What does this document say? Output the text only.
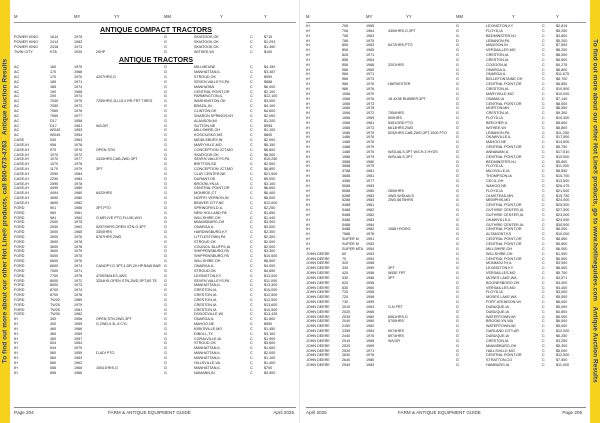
To find out more about our other Hot Line® products, call 800-673-4763   Antique Auction Results
M	MY	YY	MM	Y	Y
ANTIQUE COMPACT TRACTORS
POWER KING	1614	1975	G	SKIATOOK,OK	C	$715
POWER KING	2414	1982	G	SKIATOOK,OK	C	$1,293
POWER KING	2418	1973	G	SKIATOOK,OK	C	$1,450
TWIN CITY	KTA	1925	20HP	G	WITHEE,WI	C	$100
ANTIQUE TRACTORS
AC	160	1970	G	MILLMEUNE	C	$4,150
AC	170	1968	G	MANHATTAN,IL	C	$3,387
AC	170	1970	4207HRS,G	G	STROUD,OK	C	$990
AC	185	1971	G	SEVEN VALLEYS,PA	C	$888
AC	185	1974	G	MANHATAN	C	$6,000
AC	190	1968	G	CENTRAL POINT,OR	C	$2,100
AC	200	1974	G	FARMINGTON,IL	C	$12,100
AC	7040	1975	7250HRS,11L15.4 RR FRT TIRES	G	WASHINGTON,OK	C	$3,000
AC	7050	1973	G	BRAZIL,IN	C	$4,100
AC	7060	1976	G	CLINTON,OK	C	$4,600
AC	7060	1977	G	SHARON SPRINGS,NY	C	$2,900
AC	D17	1958	G	ALANSON,MI	C	$1,200
AC	D17	1961	W/LDR	G	SUTTON,NE	C	$995
AC	WD45	1953	G	MILLSHIRE,OH	C	$1,100
AC	WD45	1954	G	KOSCIUSKO,MS	C	$800
CASE	530	1963	G	MIDDLEBURY,IN	C	$2,000
CASE-IH	956	1978	G	MARYVILLE,MO	C	$6,150
CASE-IH	970	1970	OPEN STN	G	CONCEPTION JCT,MO	C	$6,600
CASE-IH	1070	1972	G	SKIATOOK,OK	C	$8,500
CASE-IH	1070	1977	3433HRS,CAB,2WD,3PT	G	SEVEN VALLEYS,PA	C	$10,250
CASE-IH	1070	1976	G	BRITTON,SD	C	$2,500
CASE-IH	1170	1979	3PT	G	CONCEPTION JCT,MO	C	$6,800
CASE-IH	2090	1984	G	CLAY CENTER,NE	C	$21,500
CASE-IH	2290	1983	G	DURANT,OK	C	$9,000
CASE-IH	2590	1978	G	BROOKLYN,IA	C	$3,100
CASE-IH	4490	1980	G	CENTRAL POINT,OR	C	$6,600
CASE-IH	4494	1980	6422HRS	G	MONROE,CT	C	$6,400
CASE-IH	4690	1980	G	NORTH VERNON,IN	C	$6,000
CASE-IH	4690	1982	G	BEAVER CITY,NE	C	$12,000
FORD	901	1956	3PT,PTO	G	SPRINGFIELD,IL	C	$2,250
FORD	960	1961	G	NEW HOLLAND,PA	C	$1,650
FORD	981	1962	G,MFLIVE PTO,FLUID,W/O	G	WILLSHIRE,OH	C	$1,440
FORD	2000	1975	G	MIAMISBURG,OH	C	$3,900
FORD	2000	1962	5257SHRS,OPEN STN,G,3PT	G	ONARGA,IL	C	$3,000
FORD	3000	1965	3300HRS	G	HARDINSBURG,KY	C	$2,300
FORD	3000	1976	6767HRS,2WD	G	LITTLESTOWN,PA	C	$2,300
FORD	3600	1978	G	STROUD,OK	C	$2,000
FORD	3600	1976	G	COUNCIL BLUFFS,IA	C	$2,000
FORD	3600	1979	G	SHIPPENSBURG,PA	C	$3,300
FORD	5000	1975	G	SHIPPENSBURG,PA	C	$10,500
FORD	6600	1976	G	WILLSHIRE,OH	C	$6,500
FORD	6600	1974	CANOPY,G 3PT,4 DR,20 HP,RAW BAR G	ONARGA,IL	C	$4,000
FORD	7000	1971	G	STROUD,OK	C	$4,650
FORD	7700	1976	4700SMILES,4WS	G	LEXINGTON,KY	C	$13,000
FORD	8000	1972	3254HS,OPEN STN,2WD,3PT,6S TE G	SEVEN VALLEYS,PA	C	$11,000
FORD	8000	1973	G	MANHATTAN,IL	C	$13,300
FORD	8700	1974	G	CRESTON,IA	C	$10,000
FORD	8700	1976	G	CRESTON,IA	C	$12,500
FORD	TW20	1980	G	CRESTON,IA	C	$12,500
FORD	TW25	1979	G	CRESTON,IA	C	$13,600
FORD	TW25	1981	G	CRESTON,IA	C	$10,500
FORD	TW30	1982	G	DODGEVILLE,WI	C	$13,425
IH	300	1956	OPEN STN,2WD,3PT	G	ONARGA,IL	C	$1,800
IH	400	1955	G,2WD,9.3L,6 CYL	G	MAHOO,NE	C	$950
IH	460	1966	G	KIRKSVILLE,MO	C	$1,450
IH	460	1959	G	DIBOLL,TX	C	$3,100
IH	450	1957	G	CORALVILLE,IA	C	$1,900
IH	504	1964	G	STROUD,OK	C	$3,600
IH	544	1970	G	MANHATTAN,IL	C	$1,600
IH	560	1959	D,ADI PTO	G	MANHATTAN,IL	C	$2,000
IH	560	1963	G	MANHATTAN,IL	C	$1,100
IH	560	1962	G	HILLSVILLE,VA	C	$1,400
IH	656	1966	10041HRS,G	G	MANHATTAN,IL	C	$700
IH	656	1966	G	NAMANN,IN	C	$4,500
Page 204	FARM & ANTIQUE EQUIPMENT GUIDE	April 2025
To find out more about our other Hot Line® products, go to www.hotlineguides.com   Antique Auction Results
M	MY	YY	MM	Y	Y
IH	706	1965	G	LEXINGTON,KY	C	$2,819
IH	706	1964	4300HRS,G,3PT	G	FLOYD,IA	C	$5,250
IH	706	1963	G	BEDMINSTER,NJ	C	$3,800
IH	766	1975	D	LEBANON,PA	C	$5,200
IH	806	1963	6472HRS,PTO	G	MADISON,IN	C	$7,500
IH	806	1965	G	VERSAILLES,MO	C	$8,200
IH	826	1971	G	CRESTON,IA	C	$8,000
IH	856	1964	G	CRESTON,IA	C	$6,500
IH	856	1968	3201HRS	G	COGGON,IA	C	$4,275
IH	966	1969	G	ONARGA,IL	C	$6,800
IH	966	1971	G	ONARGA,IL	C	$11,675
IH	966	1973	G	BELLEFONTAINE,OH	C	$8,700
IH	966	1976	HARVESTER	G	CENTRAL POINT,OR	C	$6,850
IH	986	1976	G	CRESTON,IA	C	$10,500
IH	1066	1970	G	MARYVILLE,MO	C	$10,000
IH	1066	1976	18.4X38 RUBBER,3PT	G	ONAMA,IA	C	$7,140
IH	1066	1973	G	CENTRAL POINT,OR	C	$8,000
IH	1066	1978	G	MORTON,MN	C	$8,550
IH	1066	1972	7554HRS	G	CRESTON,IA	C	$9,300
IH	1066	1969	600HRS	G	FLOYD,IA	C	$10,300
IH	1066	1981	5451GRD PTO	G	BEECHER,IL	C	$8,600
IH	1066	1973	6613HRS,2WD	G	WITHEE,WI	C	$6,800
IH	1086	1975	5252HRS,CAB,2WD,3PT,1000 PTO G	LEBANON,PA	C	$11,250
IH	1466	1976	G	OKAWVILLE,IL	C	$17,500
IH	1466	1978	G	MAHOO,NE	C	$14,500
IH	1486	1979	G	CENTRAL POINT,OR	C	$6,750
IH	1486	1976	W/DUALS,3PT W/CH,3 HYDS	G	ANNAWAN,IL	C	$17,510
IH	1586	1979	W/DUALS,3PT	G	CENTRAL POINT,OR	C	$10,500
IH	3588	1980	G	BEDMINSTER,NJ	C	$5,800
IH	3588	1979	G	FLOYD,IA	C	$11,000
IH	3788	1981	G	MILOVILLE,IA	C	$8,550
IH	3688	1981	G	THOMPSON,IA	C	$15,700
IH	4386	1977	G	CECIL,OH	C	$13,500
IH	5088	1983	G	WAHOO,NE	C	$26,475
IH	5088	1980	2800HRS	G	FLOYD,IA	C	$21,000
IH	5288	1983	4WD,W/DUALS	G	OLMSTEAD,MN	C	$15,750
IH	5288	1984	2WD,6675HRS	G	MEMPHIS,MO	C	$24,000
IH	5488	1981	G	CENTRAL POINT,OR	C	$25,500
IH	5488	1982	G	GUTHRIE CENTER,IA	C	$27,500
IH	5488	1982	G	GUTHRIE CENTER,IA	C	$23,000
IH	5488	1983	G	OKAWVILLE,IL	C	$24,000
IH	5488	1984	G	GUTHRIE CENTER,IA	C	$30,500
IH	5488	1982	1068 HYDRO	G	CENTRAL POINT,OR	C	$6,000
IH	7588	1978	G	ALTAMONT,KS	C	$10,000
IH	SUPER M 1951	G	CENTRAL POINT,OR	C	$8,650
IH	SUPER M 1953	G	CENTRAL POINT,OR	C	$5,600
IH	SUPER MTA 1954	G	MILLSHIRE,OH	C	$6,000
JOHN DEERE	60	1953	G	WILLSHIRE,OH	C	$1,900
JOHN DEERE	70	1954	G	CENTRAL POINT,OR	C	$6,500
JOHN DEERE	320	1958	G	MONMOUTH,IL	C	$3,900
JOHN DEERE	330	1959	3PT	G	LEXINGTON,KY	C	$8,500
JOHN DEERE	420	1956	WIDE FRT	G	VERSAILLES,MO	C	$5,700
JOHN DEERE	530	1958	3PT	G	MOSES LAKE,WA	C	$3,571
JOHN DEERE	620	1958	G	BOONESBORO,OR	C	$3,000
JOHN DEERE	630	1960	G	VERSAILLES,MO	C	$4,400
JOHN DEERE	720	1956	G	FLOYD,IA	C	$3,000
JOHN DEERE	720	1958	G	MOSES LAKE,WA	C	$5,000
JOHN DEERE	730	1959	G	FORT ATKINSON,WI	C	$8,000
JOHN DEERE	2010	1963	G,N FRT	G	DUBUQUE,IA	C	$5,000
JOHN DEERE	2020	1966	G	DUBUQUE,IA	C	$4,600
JOHN DEERE	2030	1980	6561HRS,D	G	WATERTOWN,WI	C	$6,000
JOHN DEERE	2040	1980	5700HRS	G	BROOKLYN,WA	C	$6,000
JOHN DEERE	2150	1982	G	WATERTOWN,WI	C	$5,000
JOHN DEERE	2355	1983	6974HRS	G	GARLAND CITY,AR	C	$12,000
JOHN DEERE	2440	1976	6974HRS	G	DUBUQUE,IA	C	$6,250
JOHN DEERE	2510	1966	W/LDR	G	CRESTON,IA	C	$3,250
JOHN DEERE	2520	1969	G	MIAMISBURG,OH	C	$5,300
JOHN DEERE	2520	1971	G	HALLSVILLE,MO	C	$5,000
JOHN DEERE	2630	1976	G	CENTRAL POINT,OR	C	$12,500
JOHN DEERE	2640	1980	G	STRATTON,CO	C	$7,500
JOHN DEERE	2940	1983	G	HAMBURG,IA	C	$11,000
April 2025	FARM & ANTIQUE EQUIPMENT GUIDE	Page 205
